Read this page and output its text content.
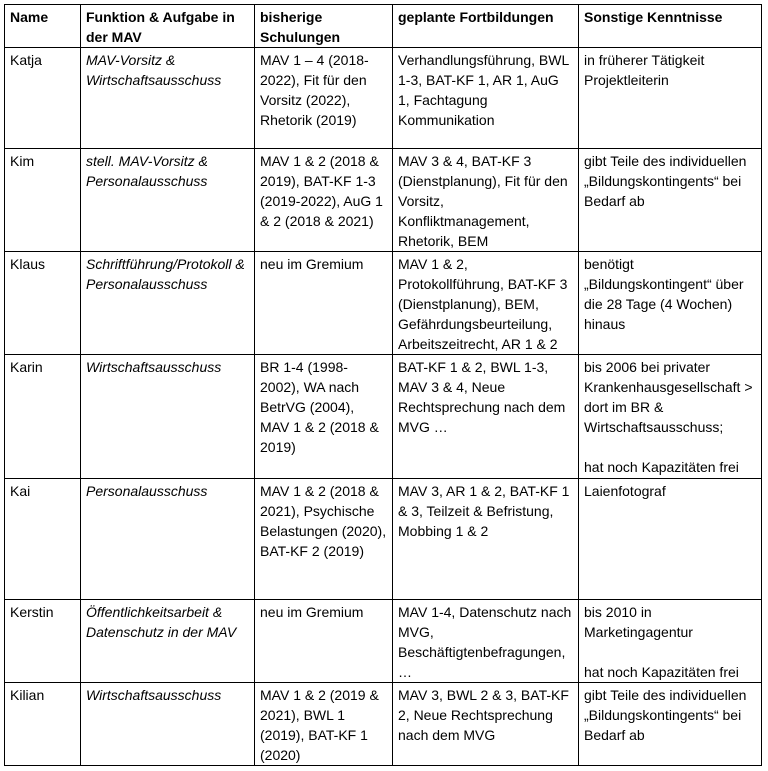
Name	Funktion & Aufgabe in der MAV	bisherige Schulungen	geplante Fortbildungen	Sonstige Kenntnisse
Katja	MAV-Vorsitz & Wirtschaftsausschuss	MAV 1 – 4 (2018-2022), Fit für den Vorsitz (2022), Rhetorik (2019)	Verhandlungsführung, BWL 1-3, BAT-KF 1, AR 1, AuG 1, Fachtagung Kommunikation	in früherer Tätigkeit Projektleiterin
Kim	stell. MAV-Vorsitz & Personalausschuss	MAV 1 & 2 (2018 & 2019), BAT-KF 1-3 (2019-2022), AuG 1 & 2 (2018 & 2021)	MAV 3 & 4, BAT-KF 3 (Dienstplanung), Fit für den Vorsitz, Konfliktmanagement, Rhetorik, BEM	gibt Teile des individuellen „Bildungskontingents“ bei Bedarf ab
Klaus	Schriftführung/Protokoll & Personalausschuss	neu im Gremium	MAV 1 & 2, Protokollführung, BAT-KF 3 (Dienstplanung), BEM, Gefährdungsbeurteilung, Arbeitszeitrecht, AR 1 & 2	benötigt „Bildungskontingent“ über die 28 Tage (4 Wochen) hinaus
Karin	Wirtschaftsausschuss	BR 1-4 (1998-2002), WA nach BetrVG (2004), MAV 1 & 2 (2018 & 2019)	BAT-KF 1 & 2, BWL 1-3, MAV 3 & 4, Neue Rechtsprechung nach dem MVG …	bis 2006 bei privater Krankenhausgesellschaft > dort im BR & Wirtschaftsausschuss;
hat noch Kapazitäten frei

Kai	Personalausschuss	MAV 1 & 2 (2018 & 2021), Psychische Belastungen (2020), BAT-KF 2 (2019)	MAV 3, AR 1 & 2, BAT-KF 1 & 3, Teilzeit & Befristung, Mobbing 1 & 2	Laienfotograf
Kerstin	Öffentlichkeitsarbeit & Datenschutz in der MAV	neu im Gremium	MAV 1-4, Datenschutz nach MVG, Beschäftigtenbefragungen, …	bis 2010 in Marketingagentur
hat noch Kapazitäten frei

Kilian	Wirtschaftsausschuss	MAV 1 & 2 (2019 & 2021), BWL 1 (2019), BAT-KF 1 (2020)	MAV 3, BWL 2 & 3, BAT-KF 2, Neue Rechtsprechung nach dem MVG	gibt Teile des individuellen „Bildungskontingents“ bei Bedarf ab
